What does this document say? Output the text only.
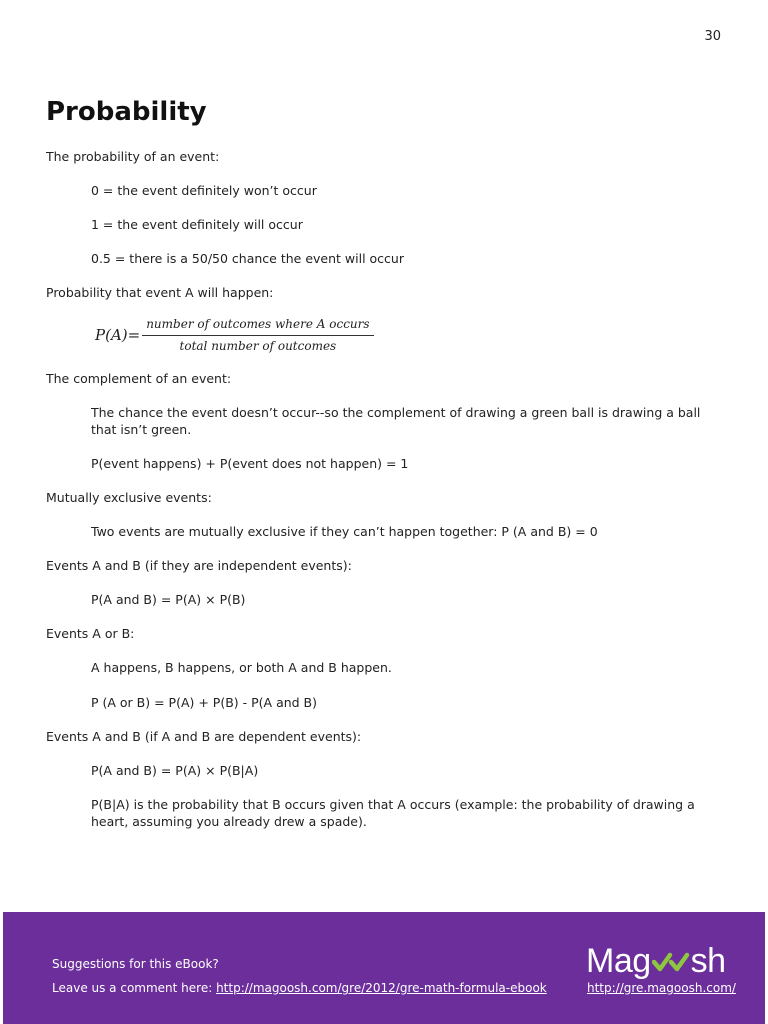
30
Probability

The probability of an event:

0 = the event definitely won’t occur

1 = the event definitely will occur

0.5 = there is a 50/50 chance the event will occur

Probability that event A will happen:

$P(A)= \frac{\text{number of outcomes where A occurs}}{\text{total number of outcomes}}$

The complement of an event:

The chance the event doesn’t occur--so the complement of drawing a green ball is drawing a ball that isn’t green.

P(event happens) + P(event does not happen) = 1

Mutually exclusive events:

Two events are mutually exclusive if they can’t happen together: P (A and B) = 0

Events A and B (if they are independent events):

P(A and B) = P(A) × P(B)

Events A or B:

A happens, B happens, or both A and B happen.

P (A or B) = P(A) + P(B) - P(A and B)

Events A and B (if A and B are dependent events):

P(A and B) = P(A) × P(B|A)

P(B|A) is the probability that B occurs given that A occurs (example: the probability of drawing a heart, assuming you already drew a spade).

Suggestions for this eBook?
Leave us a comment here: http://magoosh.com/gre/2012/gre-math-formula-ebook
Mag sh
http://gre.magoosh.com/
